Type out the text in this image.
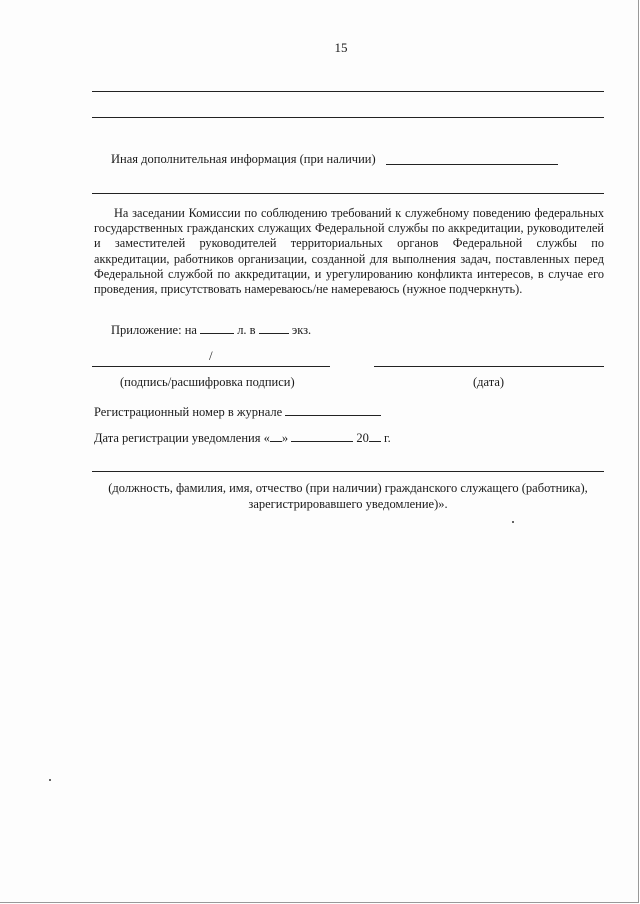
15
Иная дополнительная информация (при наличии)
На заседании Комиссии по соблюдению требований к служебному поведению федеральных государственных гражданских служащих Федеральной службы по аккредитации, руководителей и заместителей руководителей территориальных органов Федеральной службы по аккредитации, работников организации, созданной для выполнения задач, поставленных перед Федеральной службой по аккредитации, и урегулированию конфликта интересов, в случае его проведения, присутствовать намереваюсь/не намереваюсь (нужное подчеркнуть).
Приложение: на	л. в	экз.
/
(подпись/расшифровка подписи)	(дата)
Регистрационный номер в журнале
Дата регистрации уведомления « »	20 г.
(должность, фамилия, имя, отчество (при наличии) гражданского служащего (работника),
зарегистрировавшего уведомление)».
